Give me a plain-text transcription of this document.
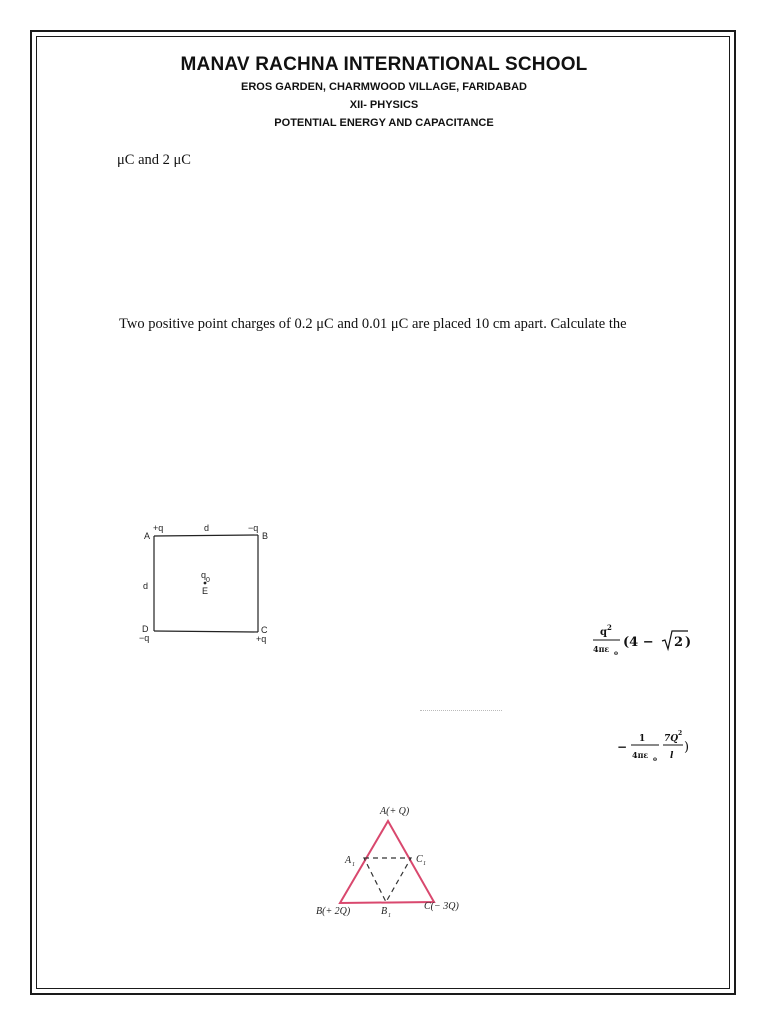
MANAV RACHNA INTERNATIONAL SCHOOL
EROS GARDEN, CHARMWOOD VILLAGE, FARIDABAD
XII- PHYSICS
POTENTIAL ENERGY AND CAPACITANCE
μC and 2 μC
Two positive point charges of 0.2 μC and 0.01 μC are placed 10 cm apart. Calculate the
+q
A
d	−q
B
d
q
0
E
D
−q
C
+q
q 2
4πε o
(4 − 2 )
−
1
4πε o
7Q
2
l
)
A(+ Q)
A 1	C 1
B(+ 2Q)	B 1
C(− 3Q)
